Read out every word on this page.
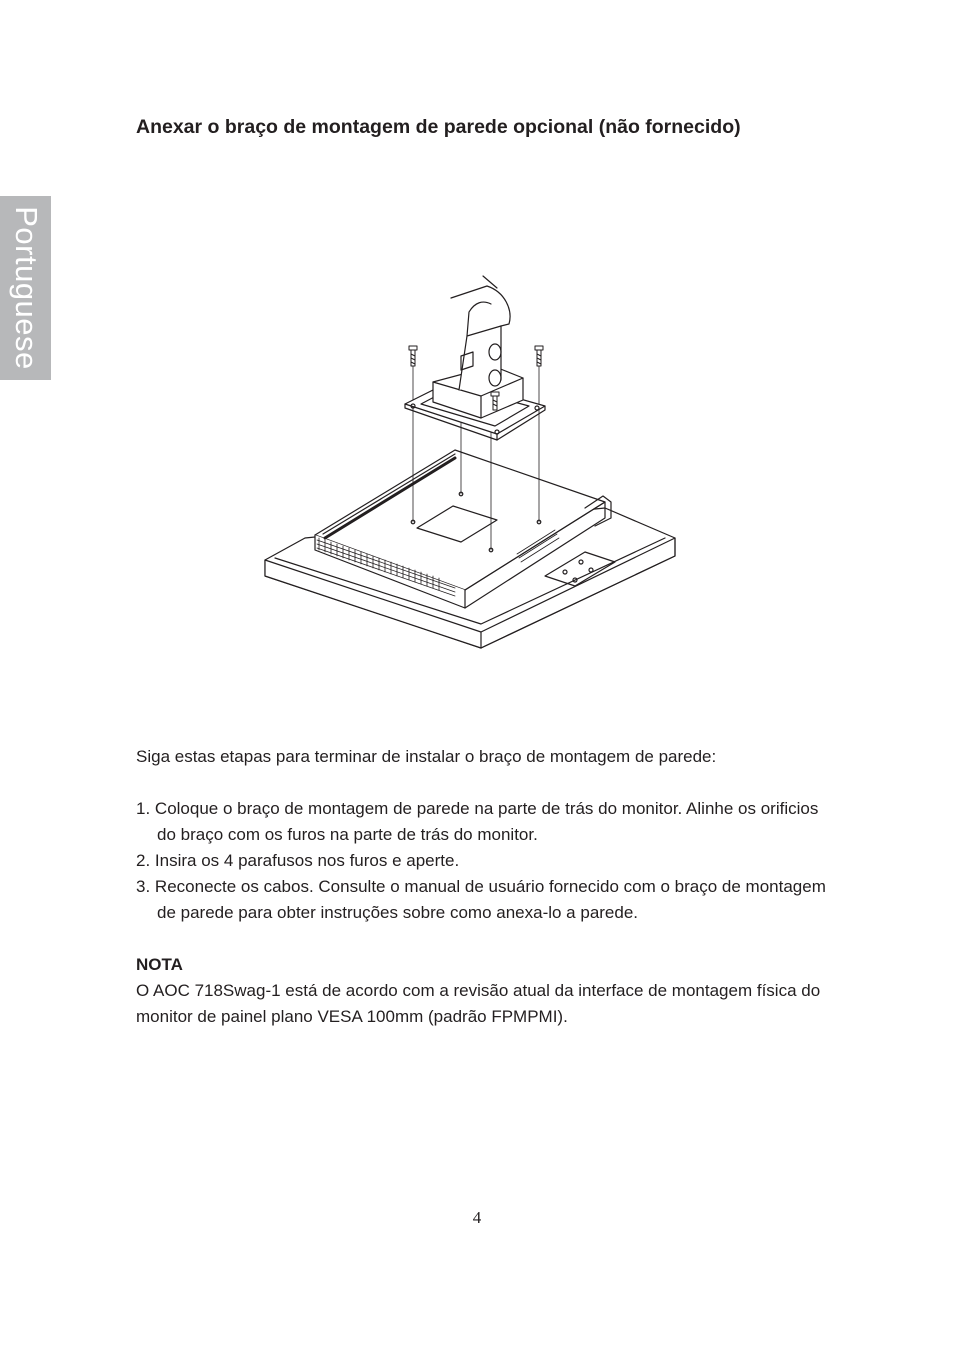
Portuguese
Anexar o braço de montagem de parede opcional (não fornecido)

Siga estas etapas para terminar de instalar o braço de montagem de parede:

1. Coloque o braço de montagem de parede na parte de trás do monitor. Alinhe os orificios do braço com os furos na parte de trás do monitor.
2. Insira os 4 parafusos nos furos e aperte.
3. Reconecte os cabos. Consulte o manual de usuário fornecido com o braço de montagem de parede para obter instruções sobre como anexa-lo a parede.

NOTA

O AOC 718Swag-1 está de acordo com a revisão atual da interface de montagem física do monitor de painel plano VESA 100mm (padrão FPMPMI).

4
